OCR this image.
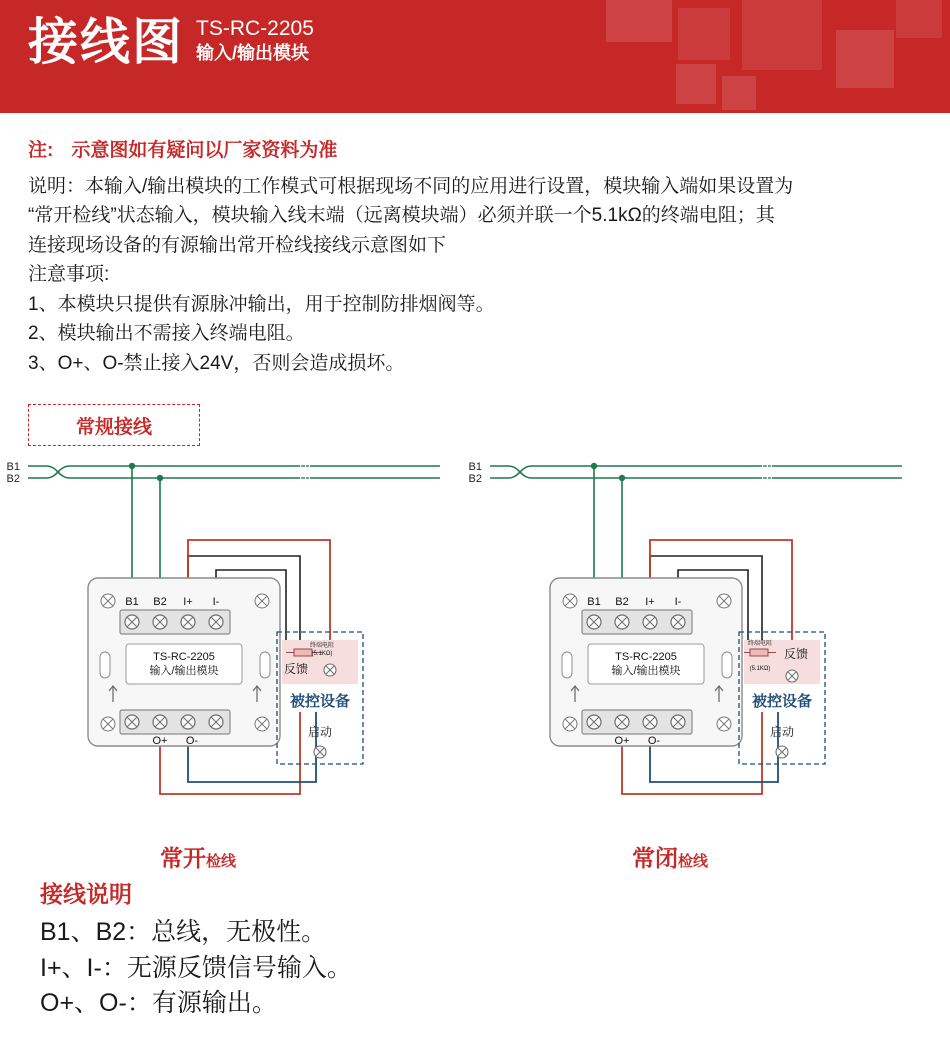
接线图 TS-RC-2205
输入/输出模块
注: 示意图如有疑问以厂家资料为准

说明：本输入/输出模块的工作模式可根据现场不同的应用进行设置，模块输入端如果设置为

“常开检线”状态输入，模块输入线末端（远离模块端）必须并联一个5.1kΩ的终端电阻；其

连接现场设备的有源输出常开检线接线示意图如下

注意事项:

1、本模块只提供有源脉冲输出，用于控制防排烟阀等。

2、模块输出不需接入终端电阻。

3、O+、O-禁止接入24V，否则会造成损坏。

常规接线
B1
B2
B1 B2 I+ I-
TS-RC-2205
输入/输出模块
O+ O-
终端电阻
(5.1KΩ)
反馈
被控设备
启动
B1
B2
B1 B2 I+ I-
TS-RC-2205
输入/输出模块
O+ O-
终端电阻
(5.1KΩ)
反馈
被控设备
启动
常开检线	常闭检线
接线说明
B1、B2：总线，无极性。
I+、I-：无源反馈信号输入。
O+、O-：有源输出。
